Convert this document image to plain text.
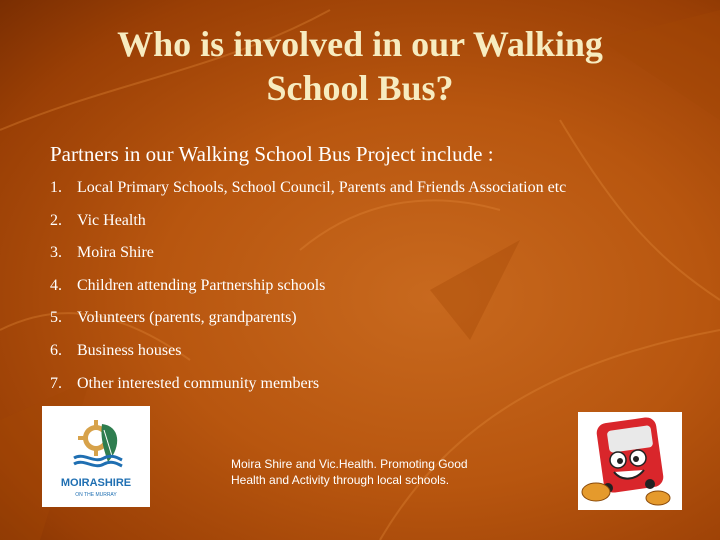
Who is involved in our Walking
School Bus?
Partners in our Walking School Bus Project include :
1. Local Primary Schools, School Council, Parents and Friends Association etc
2. Vic Health
3. Moira Shire
4. Children attending Partnership schools
5. Volunteers (parents, grandparents)
6. Business houses
7. Other interested community members
MOIRASHIRE
ON THE MURRAY
Moira Shire and Vic.Health. Promoting Good
Health and Activity through local schools.
